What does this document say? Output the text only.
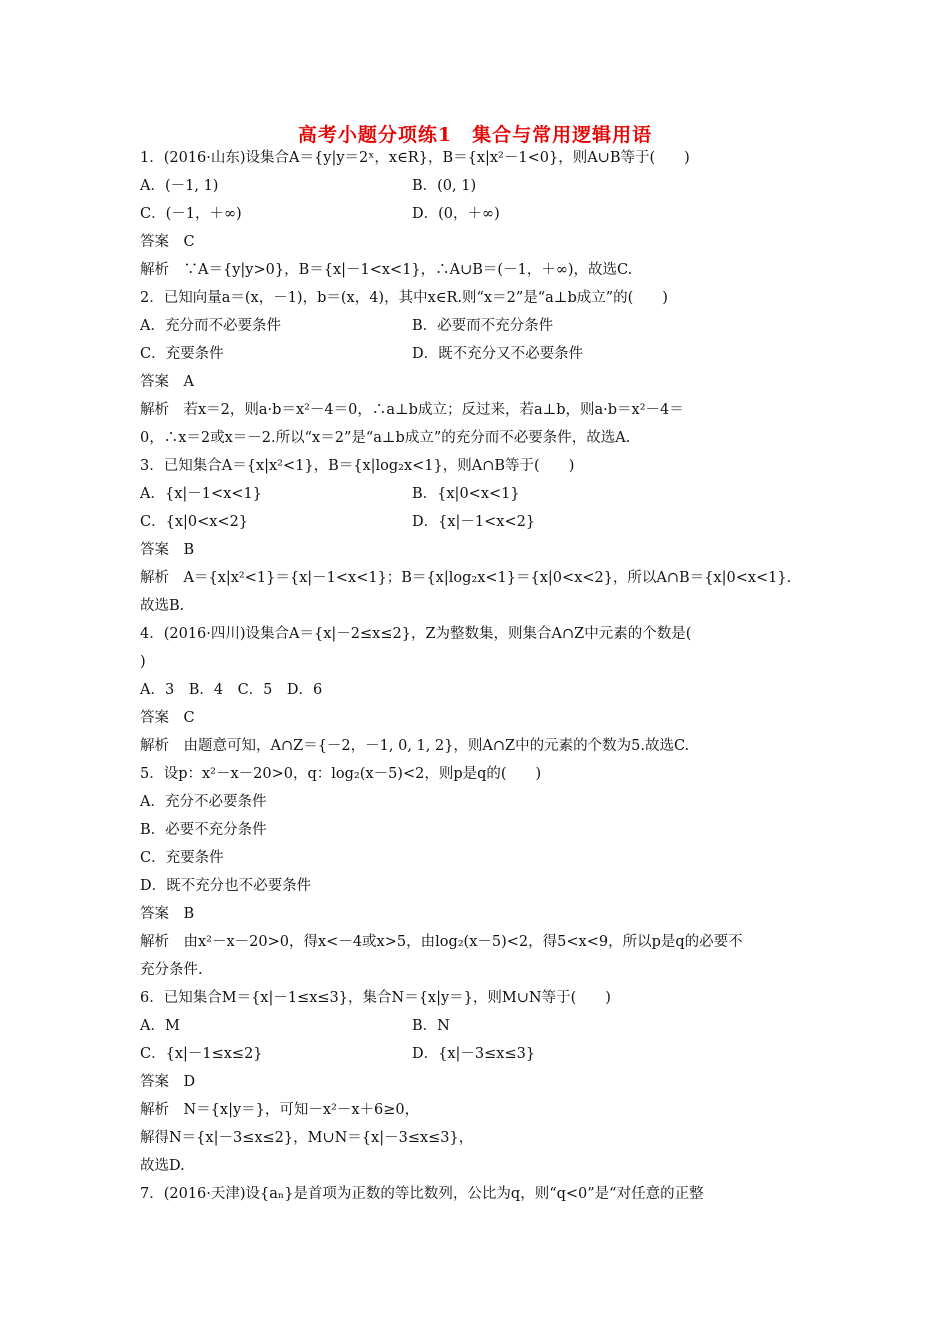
高考小题分项练1　集合与常用逻辑用语
1．(2016·山东)设集合A＝{y|y＝2ˣ，x∈R}，B＝{x|x²－1<0}，则A∪B等于(　　)
A．(－1, 1)	B．(0, 1)
C．(－1，＋∞)	D．(0，＋∞)
答案　C
解析　∵A＝{y|y>0}，B＝{x|－1<x<1}，∴A∪B＝(－1，＋∞)，故选C.
2．已知向量a＝(x，－1)，b＝(x，4)，其中x∈R.则“x＝2”是“a⊥b成立”的(　　)
A．充分而不必要条件	B．必要而不充分条件
C．充要条件	D．既不充分又不必要条件
答案　A
解析　若x＝2，则a·b＝x²－4＝0，∴a⊥b成立；反过来，若a⊥b，则a·b＝x²－4＝
0，∴x＝2或x＝－2.所以“x＝2”是“a⊥b成立”的充分而不必要条件，故选A.
3．已知集合A＝{x|x²<1}，B＝{x|log₂x<1}，则A∩B等于(　　)
A．{x|－1<x<1}	B．{x|0<x<1}
C．{x|0<x<2}	D．{x|－1<x<2}
答案　B
解析　A＝{x|x²<1}＝{x|－1<x<1}；B＝{x|log₂x<1}＝{x|0<x<2}，所以A∩B＝{x|0<x<1}.
故选B.
4．(2016·四川)设集合A＝{x|－2≤x≤2}，Z为整数集，则集合A∩Z中元素的个数是(
)
A．3　B．4　C．5　D．6
答案　C
解析　由题意可知，A∩Z＝{－2，－1, 0, 1, 2}，则A∩Z中的元素的个数为5.故选C.
5．设p：x²－x－20>0，q：log₂(x－5)<2，则p是q的(　　)
A．充分不必要条件
B．必要不充分条件
C．充要条件
D．既不充分也不必要条件
答案　B
解析　由x²－x－20>0，得x<－4或x>5，由log₂(x－5)<2，得5<x<9，所以p是q的必要不
充分条件.
6．已知集合M＝{x|－1≤x≤3}，集合N＝{x|y＝}，则M∪N等于(　　)
A．M	B．N
C．{x|－1≤x≤2}	D．{x|－3≤x≤3}
答案　D
解析　N＝{x|y＝}，可知－x²－x＋6≥0，
解得N＝{x|－3≤x≤2}，M∪N＝{x|－3≤x≤3}，
故选D.
7．(2016·天津)设{aₙ}是首项为正数的等比数列，公比为q，则“q<0”是“对任意的正整
